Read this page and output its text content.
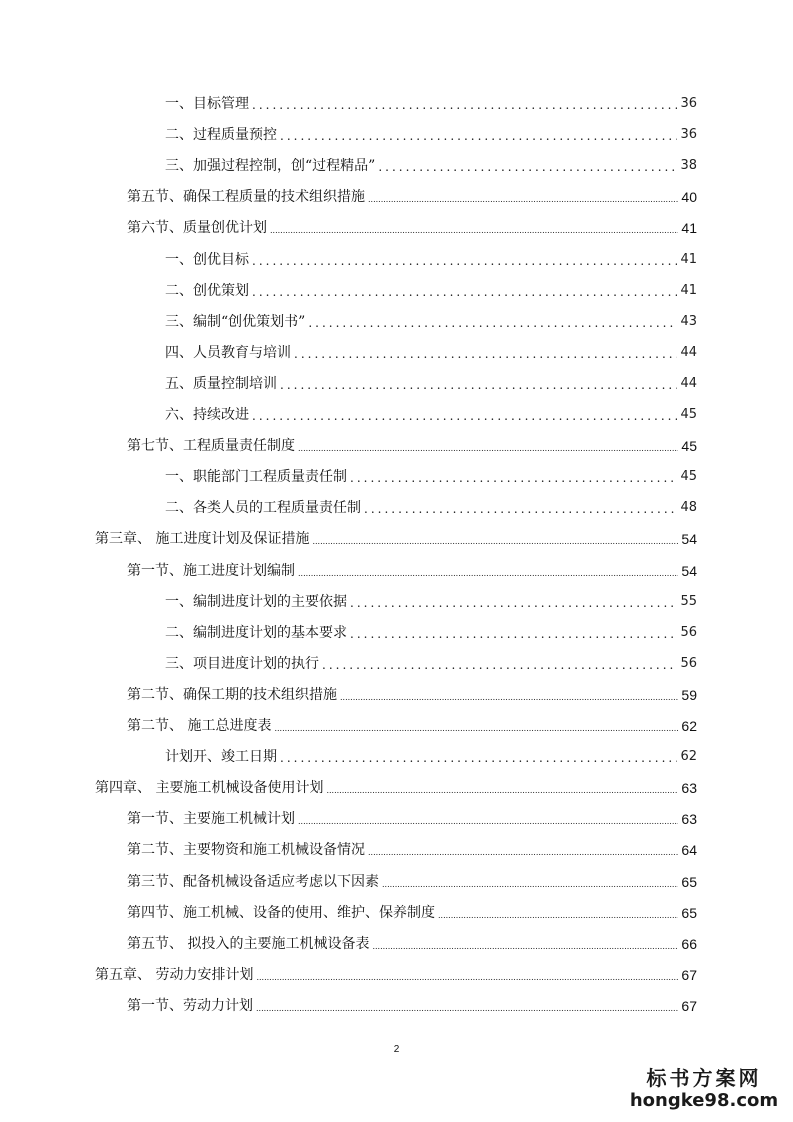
一、目标管理 .....	36
二、过程质量预控 .....	36
三、加强过程控制，创“过程精品” .....	38
第五节、确保工程质量的技术组织措施 .....	40
第六节、质量创优计划 .....	41
一、创优目标 .....	41
二、创优策划 .....	41
三、编制“创优策划书” .....	43
四、人员教育与培训 .....	44
五、质量控制培训 .....	44
六、持续改进 .....	45
第七节、工程质量责任制度 .....	45
一、职能部门工程质量责任制 .....	45
二、各类人员的工程质量责任制 .....	48
第三章、 施工进度计划及保证措施 .....	54
第一节、施工进度计划编制 .....	54
一、编制进度计划的主要依据 .....	55
二、编制进度计划的基本要求 .....	56
三、项目进度计划的执行 .....	56
第二节、确保工期的技术组织措施 .....	59
第二节、 施工总进度表 .....	62
计划开、竣工日期 .....	62
第四章、 主要施工机械设备使用计划 .....	63
第一节、主要施工机械计划 .....	63
第二节、主要物资和施工机械设备情况 .....	64
第三节、配备机械设备适应考虑以下因素 .....	65
第四节、施工机械、设备的使用、维护、保养制度 .....	65
第五节、 拟投入的主要施工机械设备表 .....	66
第五章、 劳动力安排计划 .....	67
第一节、劳动力计划 .....	67
2
标书方案网
hongke98.com
